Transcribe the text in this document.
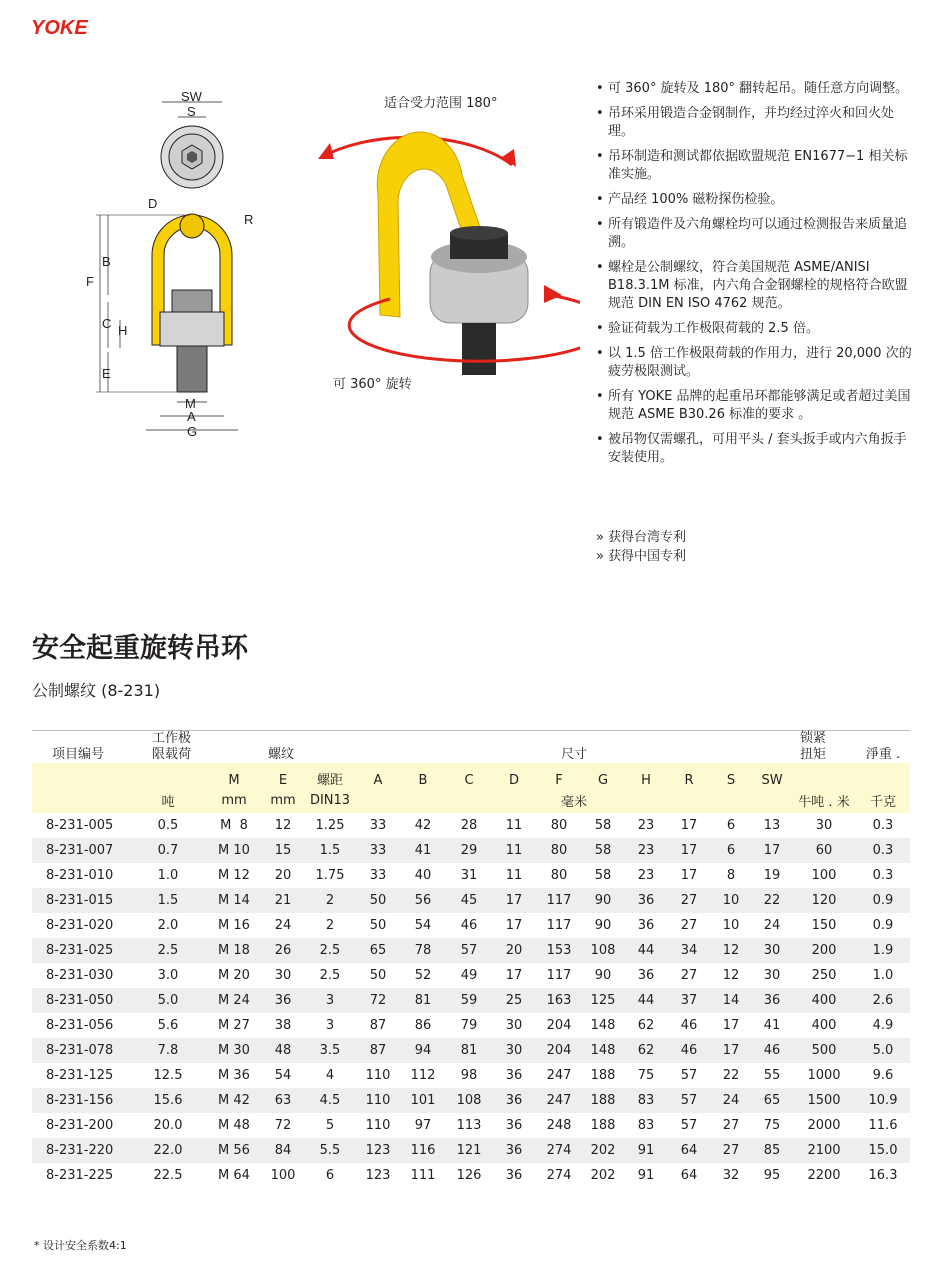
YOKE
SW
S
D
R
B
F
C H
E
M
A
G
适合受力范围 180°
可 360° 旋转
• 可 360° 旋转及 180° 翻转起吊。随任意方向调整。
• 吊环采用锻造合金钢制作，并均经过淬火和回火处理。
• 吊环制造和测试都依据欧盟规范 EN1677−1 相关标准实施。
• 产品经 100% 磁粉探伤检验。
• 所有锻造件及六角螺栓均可以通过检测报告来质量追溯。
• 螺栓是公制螺纹，符合美国规范 ASME/ANISI B18.3.1M 标准，内六角合金钢螺栓的规格符合欧盟规范 DIN EN ISO 4762 规范。
• 验证荷载为工作极限荷载的 2.5 倍。
• 以 1.5 倍工作极限荷载的作用力，进行 20,000 次的疲劳极限测试。
• 所有 YOKE 品牌的起重吊环都能够满足或者超过美国规范 ASME B30.26 标准的要求 。
• 被吊物仅需螺孔，可用平头 / 套头扳手或内六角扳手安装使用。
» 获得台湾专利
» 获得中国专利
安全起重旋转吊环

公制螺纹 (8-231)

项目编号	工作极
限载荷	螺纹			尺寸										锁紧
扭矩	淨重 .
		M	E	螺距	A	B	C	D	F	G	H	R	S	SW		
	吨	mm	mm	DIN13	毫米										牛吨 . 米	千克
8-231-005	0.5	M  8	12	1.25	33	42	28	11	80	58	23	17	6	13	30	0.3
8-231-007	0.7	M 10	15	1.5	33	41	29	11	80	58	23	17	6	17	60	0.3
8-231-010	1.0	M 12	20	1.75	33	40	31	11	80	58	23	17	8	19	100	0.3
8-231-015	1.5	M 14	21	2	50	56	45	17	117	90	36	27	10	22	120	0.9
8-231-020	2.0	M 16	24	2	50	54	46	17	117	90	36	27	10	24	150	0.9
8-231-025	2.5	M 18	26	2.5	65	78	57	20	153	108	44	34	12	30	200	1.9
8-231-030	3.0	M 20	30	2.5	50	52	49	17	117	90	36	27	12	30	250	1.0
8-231-050	5.0	M 24	36	3	72	81	59	25	163	125	44	37	14	36	400	2.6
8-231-056	5.6	M 27	38	3	87	86	79	30	204	148	62	46	17	41	400	4.9
8-231-078	7.8	M 30	48	3.5	87	94	81	30	204	148	62	46	17	46	500	5.0
8-231-125	12.5	M 36	54	4	110	112	98	36	247	188	75	57	22	55	1000	9.6
8-231-156	15.6	M 42	63	4.5	110	101	108	36	247	188	83	57	24	65	1500	10.9
8-231-200	20.0	M 48	72	5	110	97	113	36	248	188	83	57	27	75	2000	11.6
8-231-220	22.0	M 56	84	5.5	123	116	121	36	274	202	91	64	27	85	2100	15.0
8-231-225	22.5	M 64	100	6	123	111	126	36	274	202	91	64	32	95	2200	16.3

* 设计安全系数4:1
